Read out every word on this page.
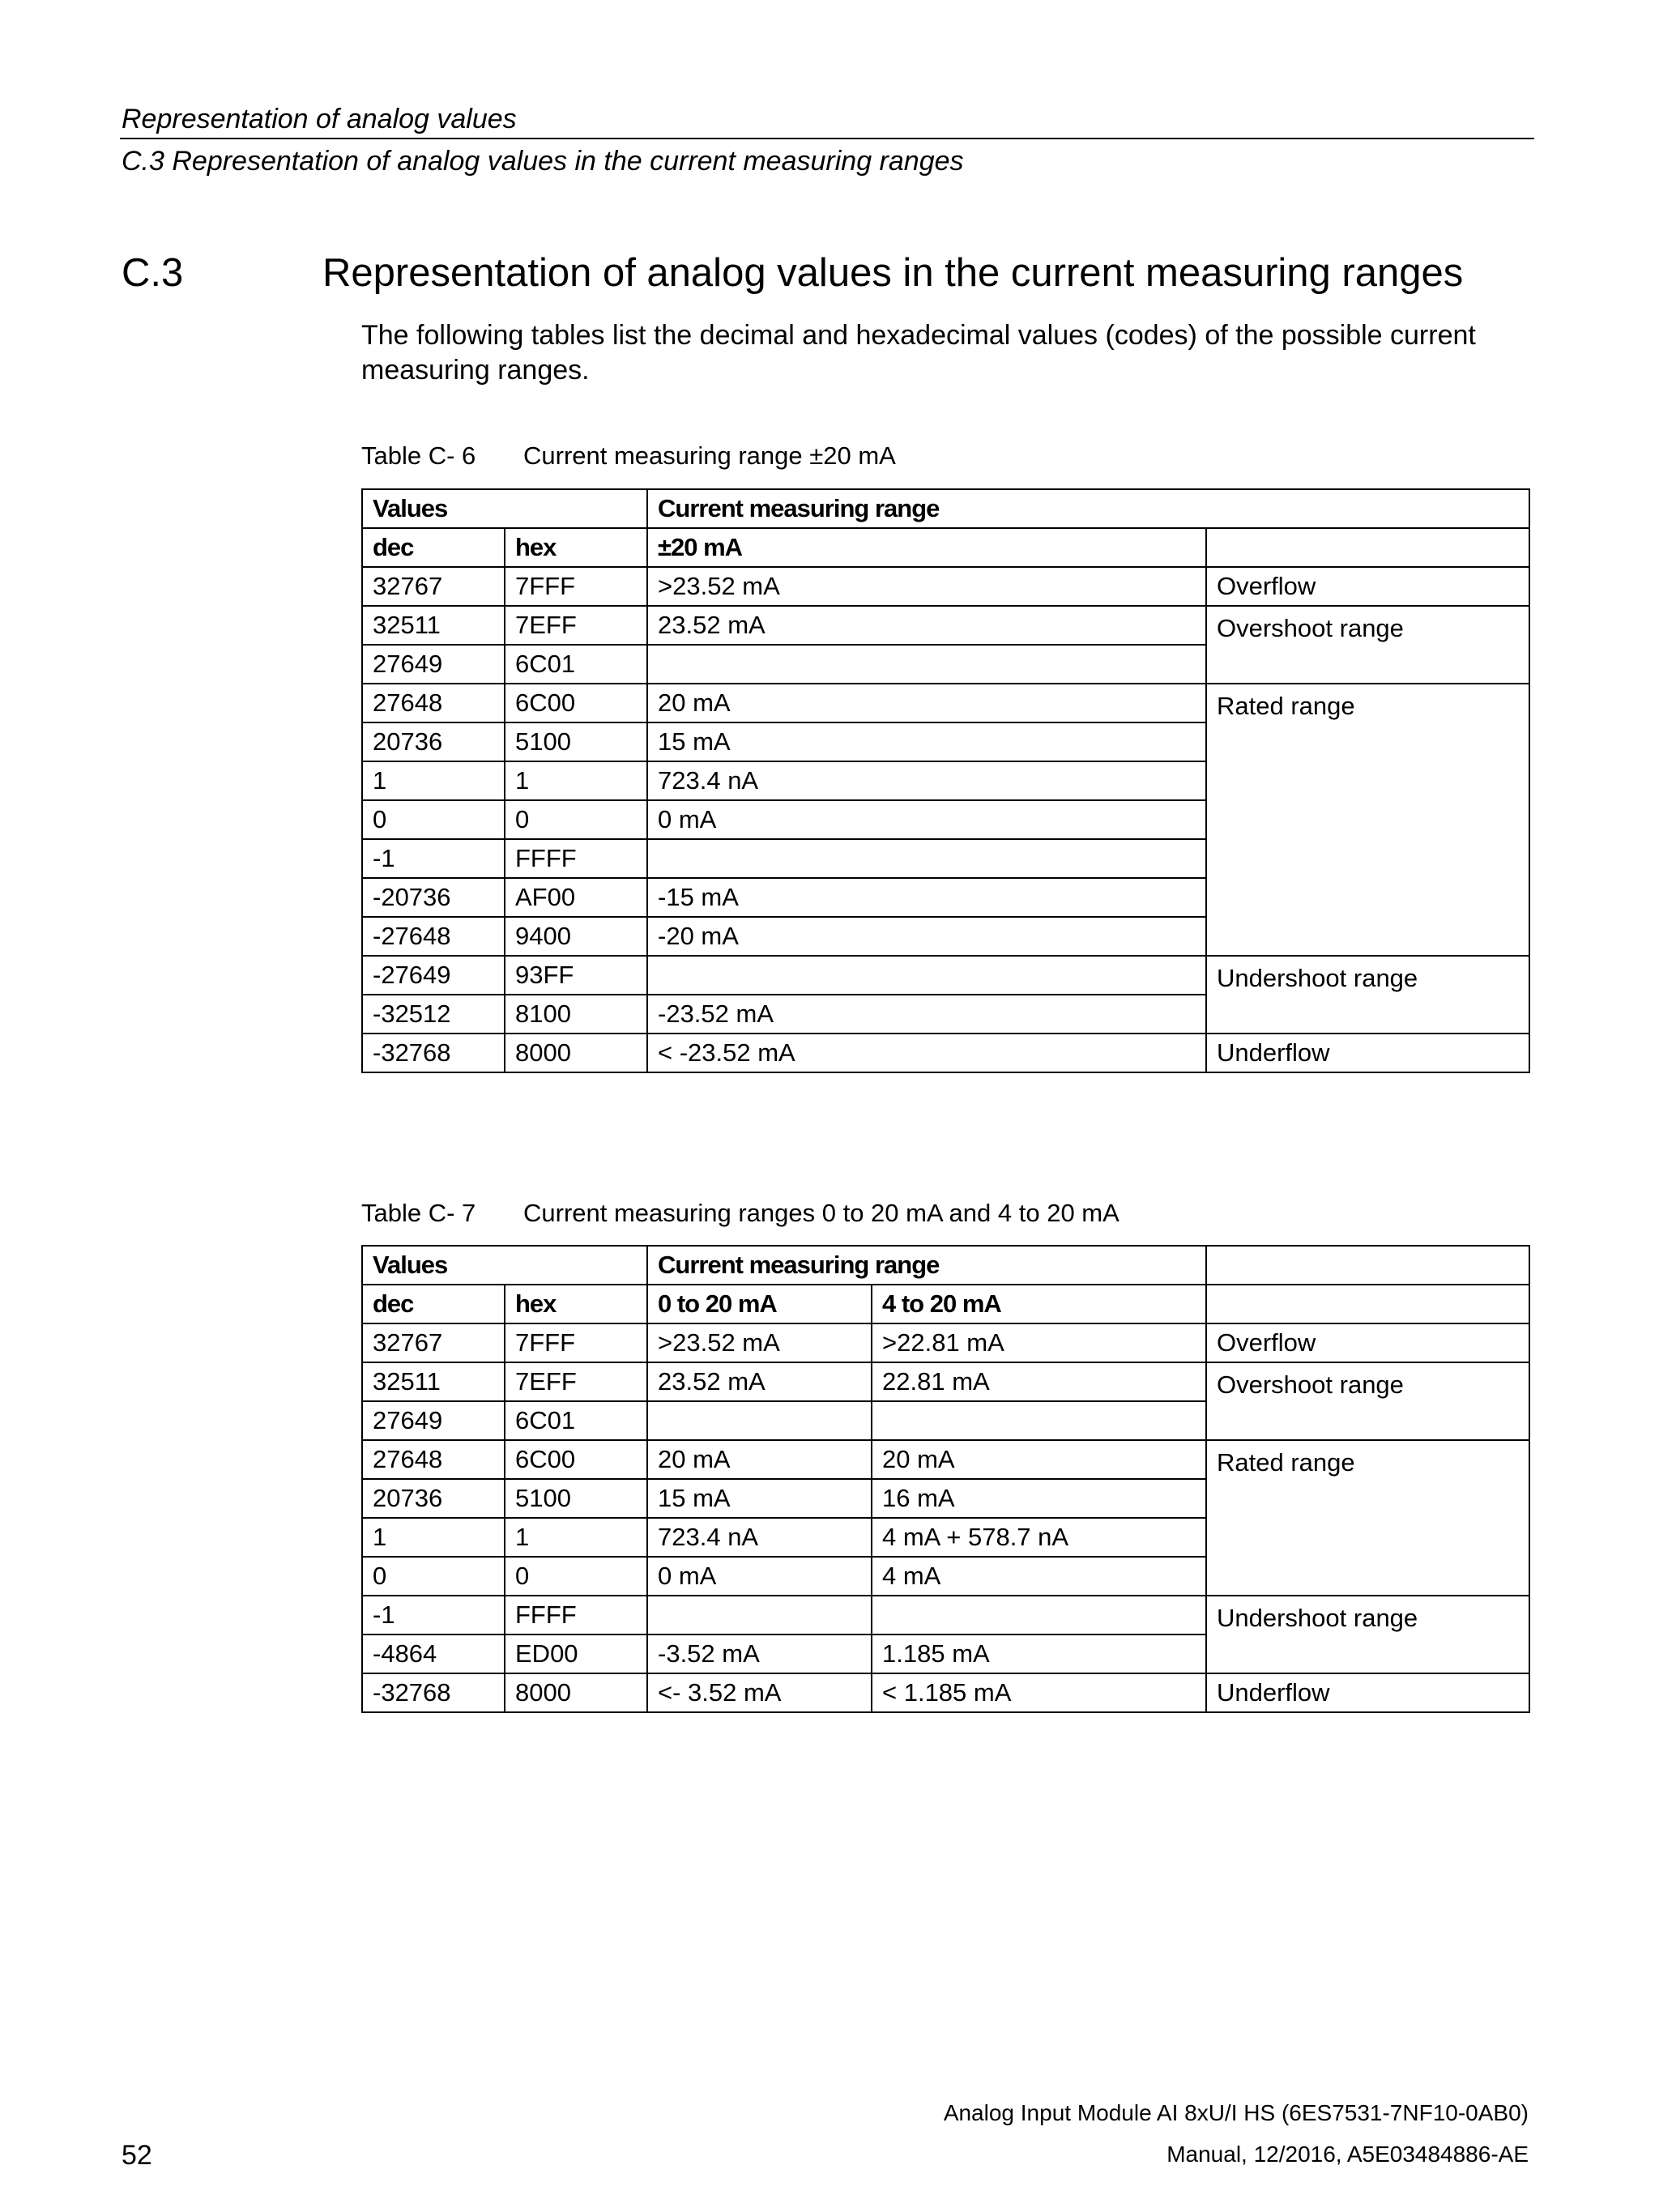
Representation of analog values
C.3 Representation of analog values in the current measuring ranges
C.3	Representation of analog values in the current measuring ranges
The following tables list the decimal and hexadecimal values (codes) of the possible current measuring ranges.
Table C- 6 Current measuring range ±20 mA
Values		Current measuring range	
dec	hex	±20 mA	
32767	7FFF	>23.52 mA	Overflow
32511	7EFF	23.52 mA	Overshoot range
27649	6C01		
27648	6C00	20 mA	Rated range
20736	5100	15 mA	
1	1	723.4 nA	
0	0	0 mA	
-1	FFFF		
-20736	AF00	-15 mA	
-27648	9400	-20 mA	
-27649	93FF		Undershoot range
-32512	8100	-23.52 mA	
-32768	8000	< -23.52 mA	Underflow
Table C- 7 Current measuring ranges 0 to 20 mA and 4 to 20 mA
Values		Current measuring range		
dec	hex	0 to 20 mA	4 to 20 mA	
32767	7FFF	>23.52 mA	>22.81 mA	Overflow
32511	7EFF	23.52 mA	22.81 mA	Overshoot range
27649	6C01			
27648	6C00	20 mA	20 mA	Rated range
20736	5100	15 mA	16 mA	
1	1	723.4 nA	4 mA + 578.7 nA	
0	0	0 mA	4 mA	
-1	FFFF			Undershoot range
-4864	ED00	-3.52 mA	1.185 mA	
-32768	8000	<- 3.52 mA	< 1.185 mA	Underflow
Analog Input Module AI 8xU/I HS (6ES7531-7NF10-0AB0)
Manual, 12/2016, A5E03484886-AE
52
